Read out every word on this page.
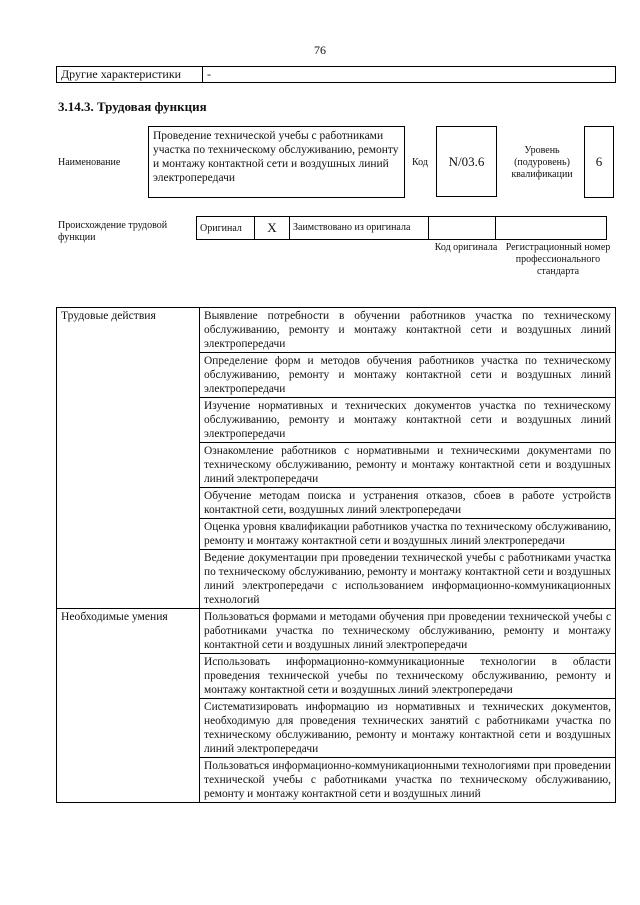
76
Другие характеристики	-
3.14.3. Трудовая функция
Наименование
Проведение технической учебы с работниками участка по техническому обслуживанию, ремонту и монтажу контактной сети и воздушных линий электропередачи
Код	N/03.6
Уровень (подуровень) квалификации
6
Происхождение трудовой функции
Оригинал	X	Заимствовано из оригинала		
Код оригинала Регистрационный номер профессионального стандарта
Трудовые действия	Выявление потребности в обучении работников участка по техническому обслуживанию, ремонту и монтажу контактной сети и воздушных линий электропередачи
	Определение форм и методов обучения работников участка по техническому обслуживанию, ремонту и монтажу контактной сети и воздушных линий электропередачи
	Изучение нормативных и технических документов участка по техническому обслуживанию, ремонту и монтажу контактной сети и воздушных линий электропередачи
	Ознакомление работников с нормативными и техническими документами по техническому обслуживанию, ремонту и монтажу контактной сети и воздушных линий электропередачи
	Обучение методам поиска и устранения отказов, сбоев в работе устройств контактной сети, воздушных линий электропередачи
	Оценка уровня квалификации работников участка по техническому обслуживанию, ремонту и монтажу контактной сети и воздушных линий электропередачи
	Ведение документации при проведении технической учебы с работниками участка по техническому обслуживанию, ремонту и монтажу контактной сети и воздушных линий электропередачи с использованием информационно-коммуникационных технологий
Необходимые умения	Пользоваться формами и методами обучения при проведении технической учебы с работниками участка по техническому обслуживанию, ремонту и монтажу контактной сети и воздушных линий электропередачи
	Использовать информационно-коммуникационные технологии в области проведения технической учебы по техническому обслуживанию, ремонту и монтажу контактной сети и воздушных линий электропередачи
	Систематизировать информацию из нормативных и технических документов, необходимую для проведения технических занятий с работниками участка по техническому обслуживанию, ремонту и монтажу контактной сети и воздушных линий электропередачи
	Пользоваться информационно-коммуникационными технологиями при проведении технической учебы с работниками участка по техническому обслуживанию, ремонту и монтажу контактной сети и воздушных линий
